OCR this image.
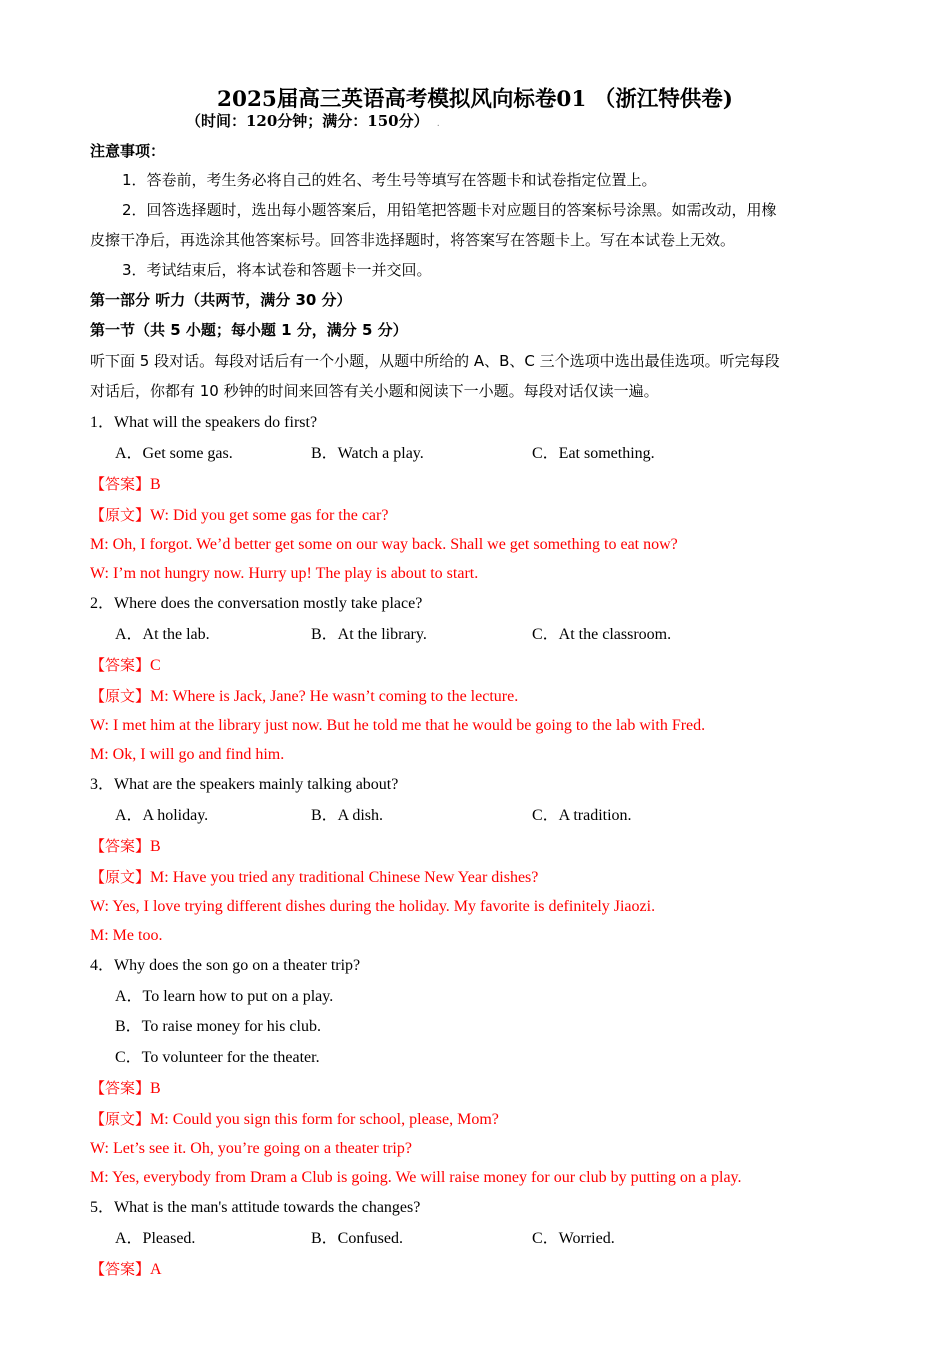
2025届高三英语高考模拟风向标卷01 （浙江特供卷)
（时间：120分钟；满分：150分） .
注意事项：
1．答卷前，考生务必将自己的姓名、考生号等填写在答题卡和试卷指定位置上。
2．回答选择题时，选出每小题答案后，用铅笔把答题卡对应题目的答案标号涂黑。如需改动，用橡
皮擦干净后，再选涂其他答案标号。回答非选择题时，将答案写在答题卡上。写在本试卷上无效。
3．考试结束后，将本试卷和答题卡一并交回。
第一部分 听力（共两节，满分 30 分）
第一节（共 5 小题；每小题 1 分，满分 5 分）
听下面 5 段对话。每段对话后有一个小题，从题中所给的 A、B、C 三个选项中选出最佳选项。听完每段
对话后，你都有 10 秒钟的时间来回答有关小题和阅读下一小题。每段对话仅读一遍。
1．What will the speakers do first?
A．Get some gas.	B．Watch a play.	C．Eat something.
【答案】B
【原文】W: Did you get some gas for the car?
M: Oh, I forgot. We’d better get some on our way back. Shall we get something to eat now?
W: I’m not hungry now. Hurry up! The play is about to start.
2．Where does the conversation mostly take place?
A．At the lab.	B．At the library.	C．At the classroom.
【答案】C
【原文】M: Where is Jack, Jane? He wasn’t coming to the lecture.
W: I met him at the library just now. But he told me that he would be going to the lab with Fred.
M: Ok, I will go and find him.
3．What are the speakers mainly talking about?
A．A holiday.	B．A dish.	C．A tradition.
【答案】B
【原文】M: Have you tried any traditional Chinese New Year dishes?
W: Yes, I love trying different dishes during the holiday. My favorite is definitely Jiaozi.
M: Me too.
4．Why does the son go on a theater trip?
A．To learn how to put on a play.
B．To raise money for his club.
C．To volunteer for the theater.
【答案】B
【原文】M: Could you sign this form for school, please, Mom?
W: Let’s see it. Oh, you’re going on a theater trip?
M: Yes, everybody from Dram a Club is going. We will raise money for our club by putting on a play.
5．What is the man's attitude towards the changes?
A．Pleased.	B．Confused.	C．Worried.
【答案】A
